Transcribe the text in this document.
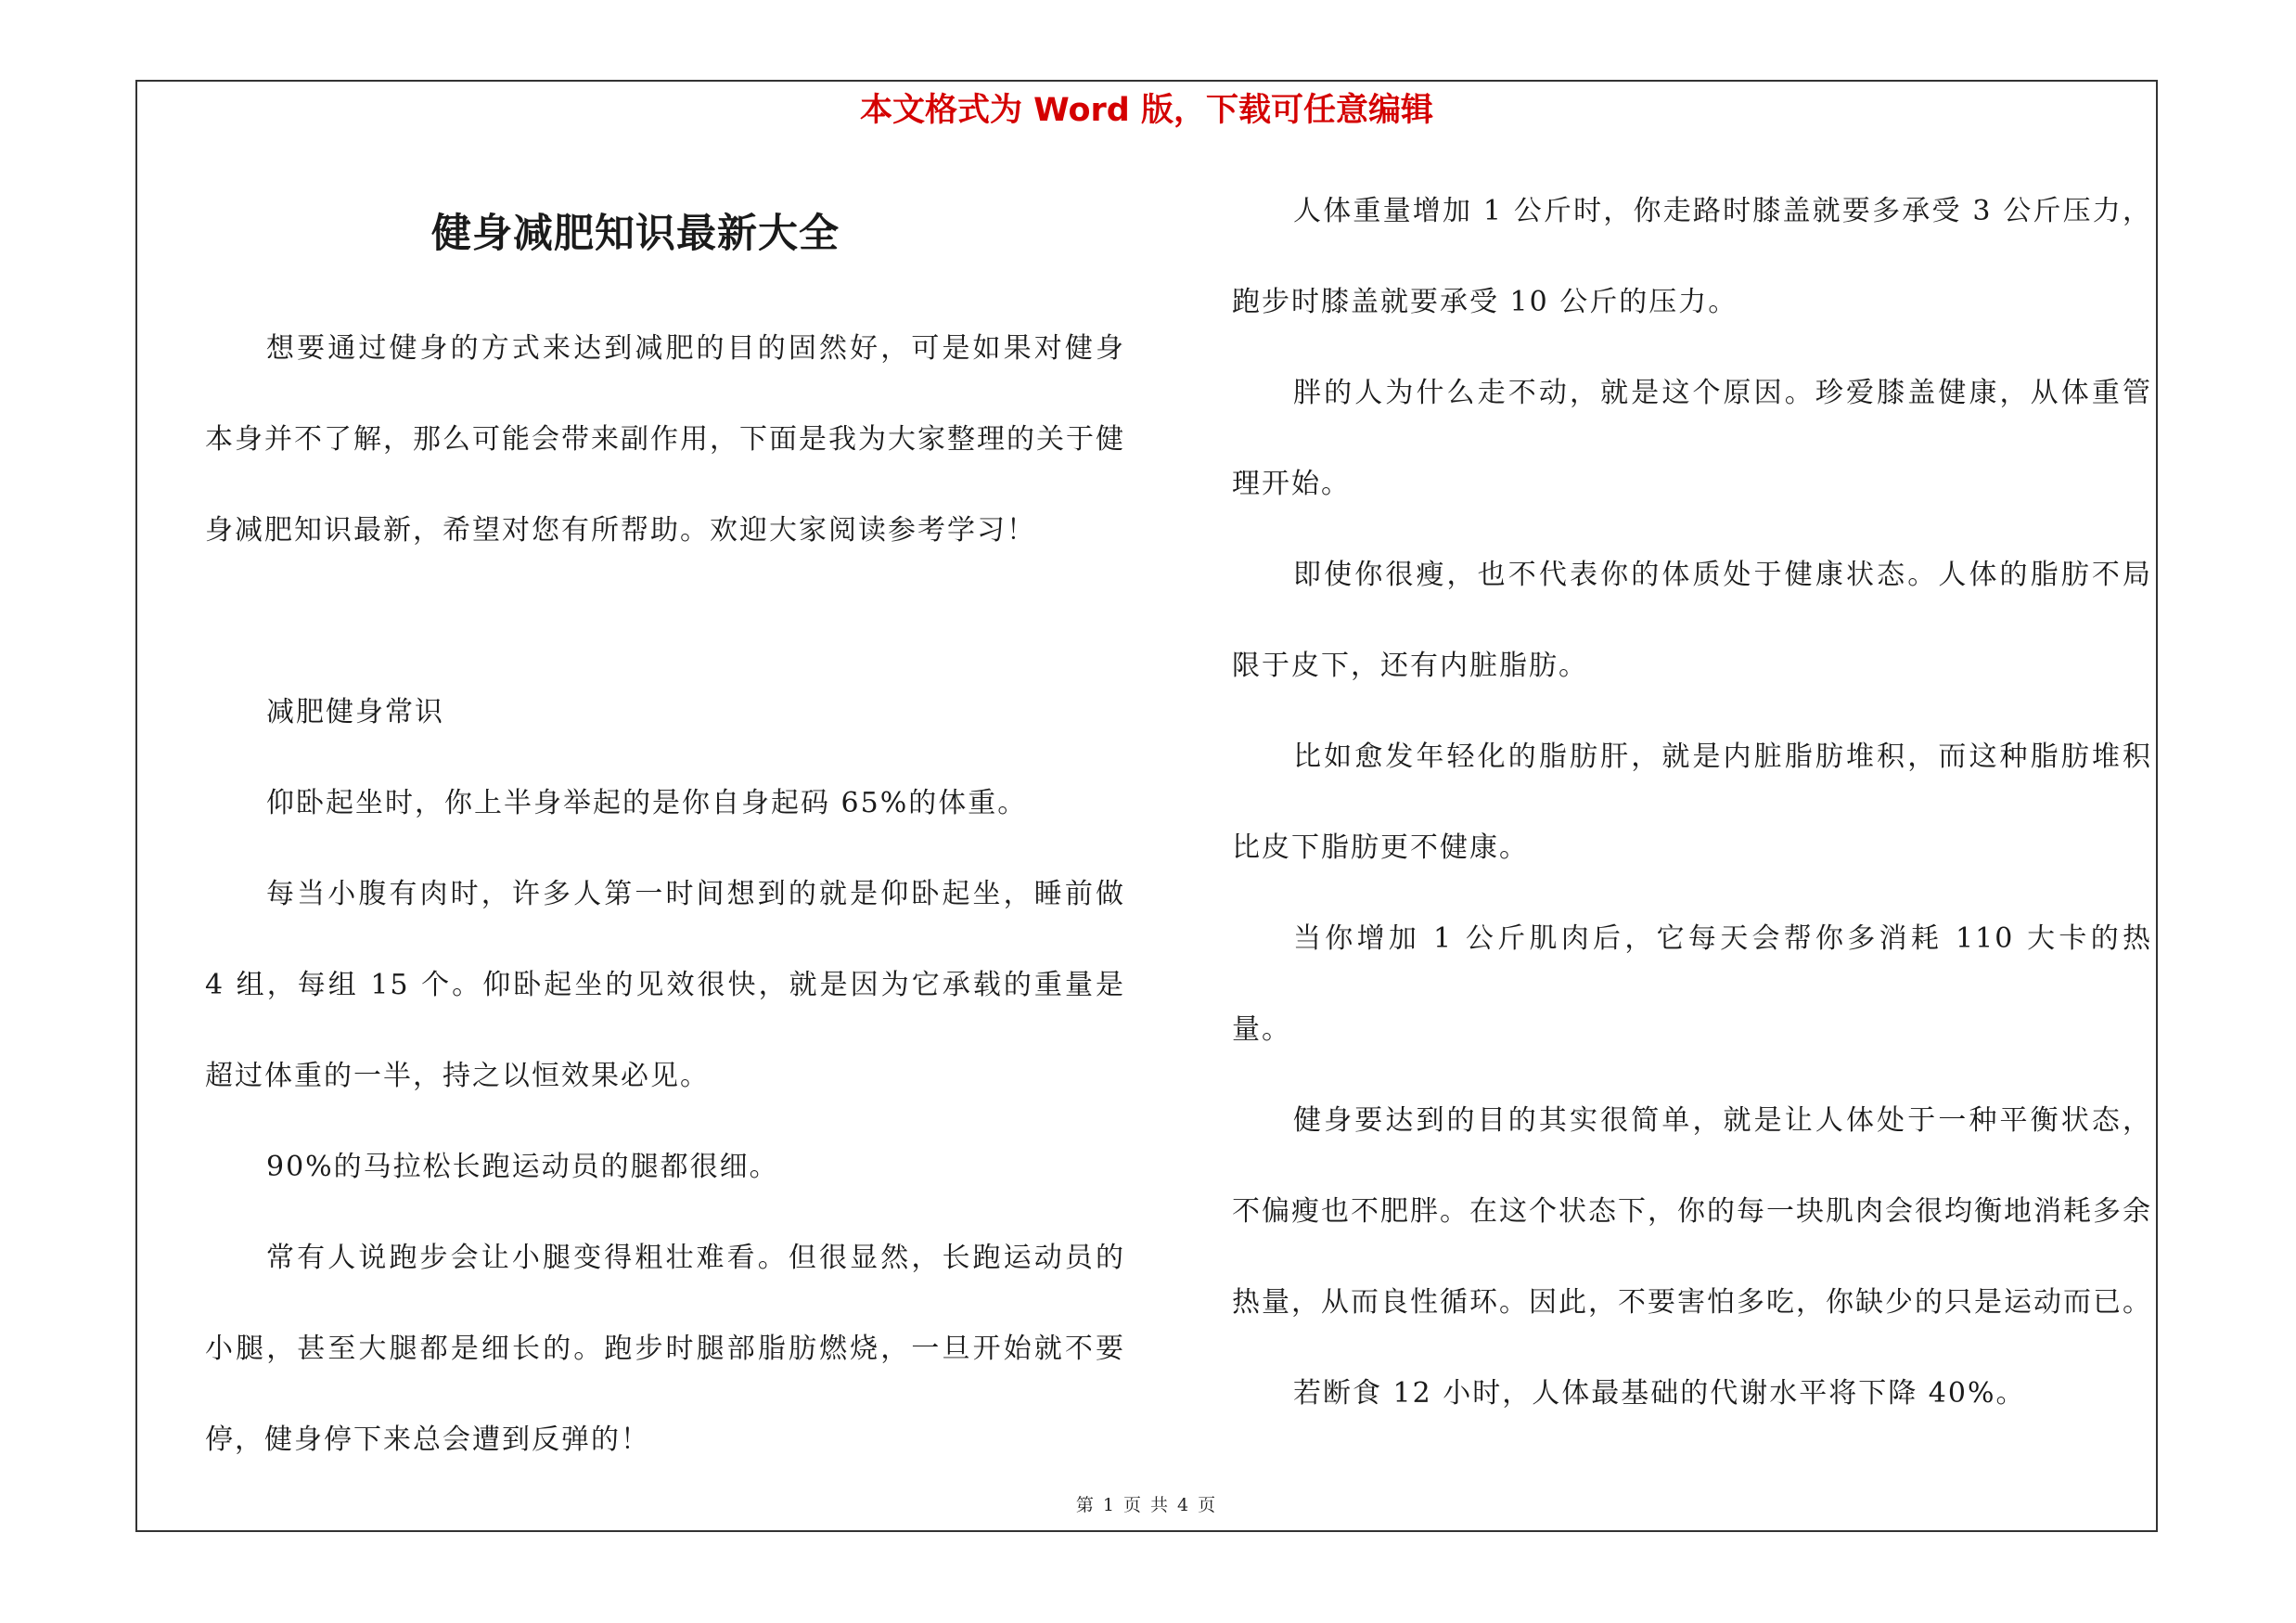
本文格式为 Word 版，下载可任意编辑
健身减肥知识最新大全

想要通过健身的方式来达到减肥的目的固然好，可是如果对健身本身并不了解，那么可能会带来副作用，下面是我为大家整理的关于健身减肥知识最新，希望对您有所帮助。欢迎大家阅读参考学习！

减肥健身常识

仰卧起坐时，你上半身举起的是你自身起码 65%的体重。

每当小腹有肉时，许多人第一时间想到的就是仰卧起坐，睡前做 4 组，每组 15 个。仰卧起坐的见效很快，就是因为它承载的重量是超过体重的一半，持之以恒效果必见。

90%的马拉松长跑运动员的腿都很细。

常有人说跑步会让小腿变得粗壮难看。但很显然，长跑运动员的小腿，甚至大腿都是细长的。跑步时腿部脂肪燃烧，一旦开始就不要停，健身停下来总会遭到反弹的！

人体重量增加 1 公斤时，你走路时膝盖就要多承受 3 公斤压力，跑步时膝盖就要承受 10 公斤的压力。

胖的人为什么走不动，就是这个原因。珍爱膝盖健康，从体重管理开始。

即使你很瘦，也不代表你的体质处于健康状态。人体的脂肪不局限于皮下，还有内脏脂肪。

比如愈发年轻化的脂肪肝，就是内脏脂肪堆积，而这种脂肪堆积比皮下脂肪更不健康。

当你增加 1 公斤肌肉后，它每天会帮你多消耗 110 大卡的热量。

健身要达到的目的其实很简单，就是让人体处于一种平衡状态，不偏瘦也不肥胖。在这个状态下，你的每一块肌肉会很均衡地消耗多余热量，从而良性循环。因此，不要害怕多吃，你缺少的只是运动而已。

若断食 12 小时，人体最基础的代谢水平将下降 40%。

第 1 页 共 4 页
